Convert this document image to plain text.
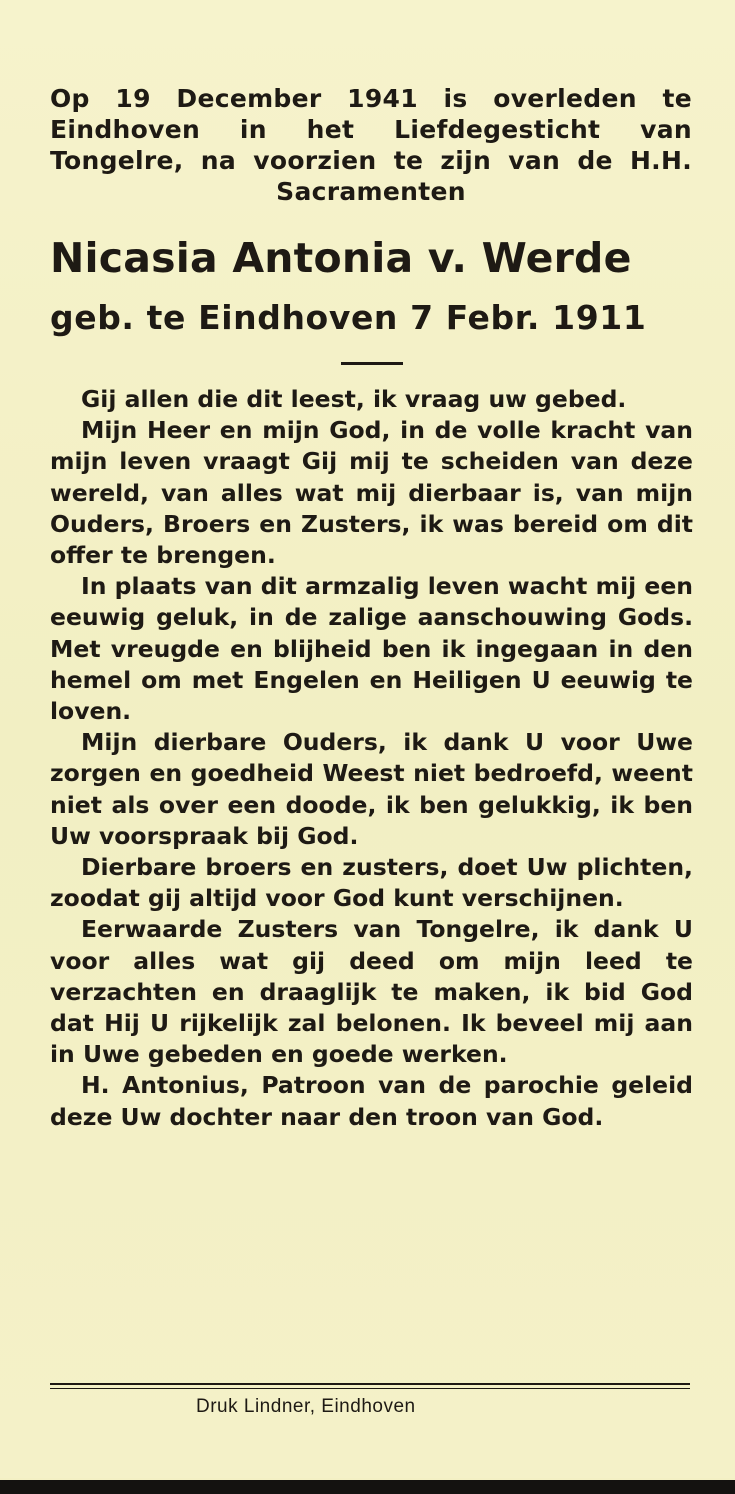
Op 19 December 1941 is overleden te Eindhoven in het Liefdegesticht van Tongelre, na voorzien te zijn van de H.H. Sacramenten

Nicasia Antonia v. Werde

geb. te Eindhoven 7 Febr. 1911

Gij allen die dit leest, ik vraag uw gebed.

Mijn Heer en mijn God, in de volle kracht van mijn leven vraagt Gij mij te scheiden van deze wereld, van alles wat mij dierbaar is, van mijn Ouders, Broers en Zusters, ik was bereid om dit offer te brengen.

In plaats van dit armzalig leven wacht mij een eeuwig geluk, in de zalige aanschouwing Gods. Met vreugde en blijheid ben ik ingegaan in den hemel om met Engelen en Heiligen U eeuwig te loven.

Mijn dierbare Ouders, ik dank U voor Uwe zorgen en goedheid Weest niet bedroefd, weent niet als over een doode, ik ben gelukkig, ik ben Uw voorspraak bij God.

Dierbare broers en zusters, doet Uw plichten, zoodat gij altijd voor God kunt verschijnen.

Eerwaarde Zusters van Tongelre, ik dank U voor alles wat gij deed om mijn leed te verzachten en draaglijk te maken, ik bid God dat Hij U rijkelijk zal belonen. Ik beveel mij aan in Uwe gebeden en goede werken.

H. Antonius, Patroon van de parochie geleid deze Uw dochter naar den troon van God.

Druk Lindner, Eindhoven
